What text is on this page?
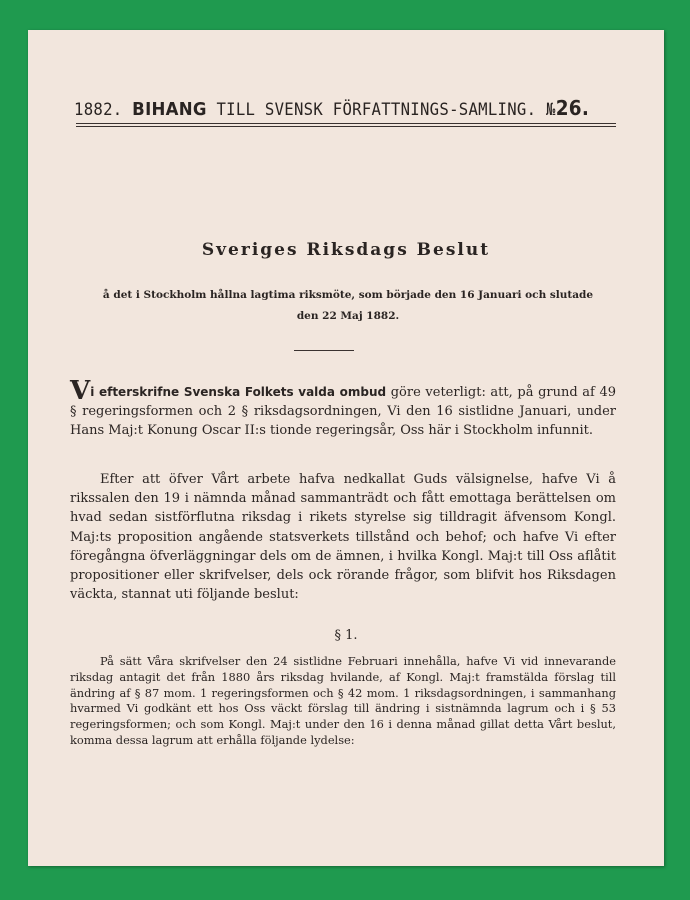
1882. BIHANG TILL SVENSK FÖRFATTNINGS-SAMLING. №26.
Sveriges Riksdags Beslut
å det i Stockholm hållna lagtima riksmöte, som började den 16 Januari och slutade den 22 Maj 1882.
Vi efterskrifne Svenska Folkets valda ombud göre veterligt: att, på grund af 49 § regeringsformen och 2 § riksdagsordningen, Vi den 16 sistlidne Januari, under Hans Maj:t Konung Oscar II:s tionde regeringsår, Oss här i Stockholm infunnit.
Efter att öfver Vårt arbete hafva nedkallat Guds välsignelse, hafve Vi å rikssalen den 19 i nämnda månad sammanträdt och fått emottaga berättelsen om hvad sedan sistförflutna riksdag i rikets styrelse sig tilldragit äfvensom Kongl. Maj:ts proposition angående statsverkets tillstånd och behof; och hafve Vi efter föregångna öfverläggningar dels om de ämnen, i hvilka Kongl. Maj:t till Oss aflåtit propositioner eller skrifvelser, dels ock rörande frågor, som blifvit hos Riksdagen väckta, stannat uti följande beslut:
§ 1.
På sätt Våra skrifvelser den 24 sistlidne Februari innehålla, hafve Vi vid innevarande riksdag antagit det från 1880 års riksdag hvilande, af Kongl. Maj:t framstälda förslag till ändring af § 87 mom. 1 regeringsformen och § 42 mom. 1 riksdagsordningen, i sammanhang hvarmed Vi godkänt ett hos Oss väckt förslag till ändring i sistnämnda lagrum och i § 53 regeringsformen; och som Kongl. Maj:t under den 16 i denna månad gillat detta Vårt beslut, komma dessa lagrum att erhålla följande lydelse:
